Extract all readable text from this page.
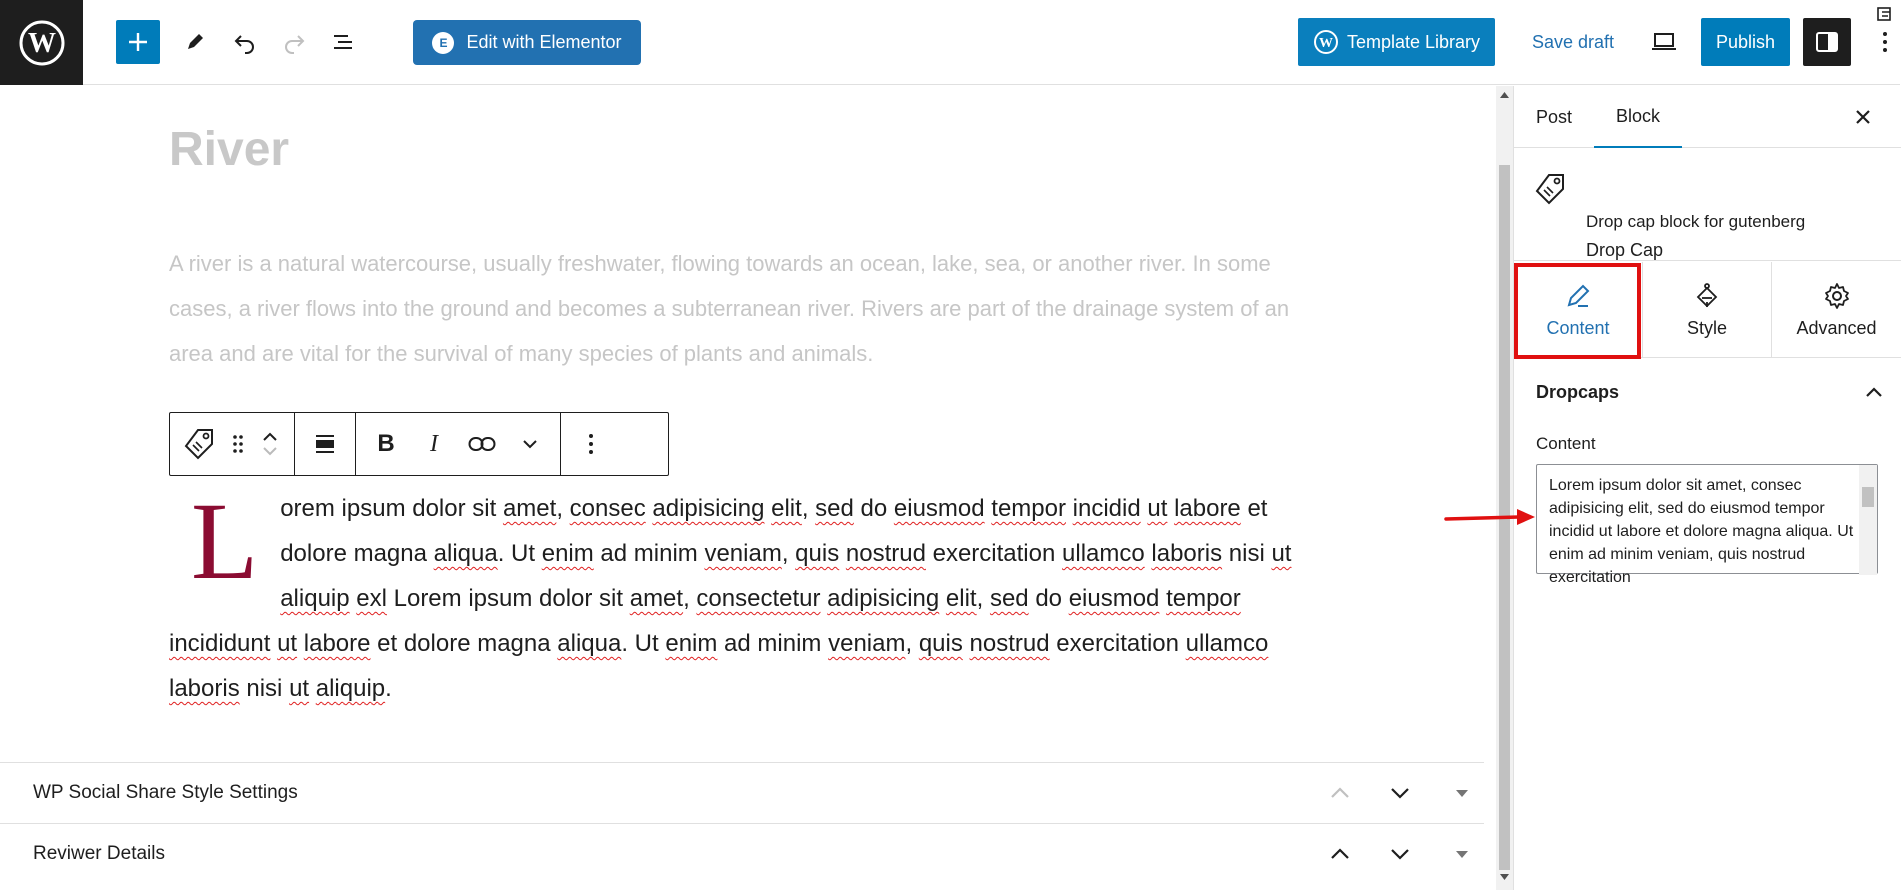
W	E	Edit with Elementor	W Template Library	Save draft	Publish
River
A river is a natural watercourse, usually freshwater, flowing towards an ocean, lake, sea, or another river. In some cases, a river flows into the ground and becomes a subterranean river. Rivers are part of the drainage system of an area and are vital for the survival of many species of plants and animals.
B I
L orem ipsum dolor sit amet, consec adipisicing elit, sed do eiusmod tempor incidid ut labore et dolore magna aliqua. Ut enim ad minim veniam, quis nostrud exercitation ullamco laboris nisi ut aliquip exl Lorem ipsum dolor sit amet, consectetur adipisicing elit, sed do eiusmod tempor incididunt ut labore et dolore magna aliqua. Ut enim ad minim veniam, quis nostrud exercitation ullamco laboris nisi ut aliquip.
WP Social Share Style Settings
Reviwer Details
Post	Block
Drop Cap
Drop cap block for gutenberg
Content	Style	Advanced
Dropcaps
Content
Lorem ipsum dolor sit amet, consec adipisicing elit, sed do eiusmod tempor incidid ut labore et dolore magna aliqua. Ut enim ad minim veniam, quis nostrud exercitation
